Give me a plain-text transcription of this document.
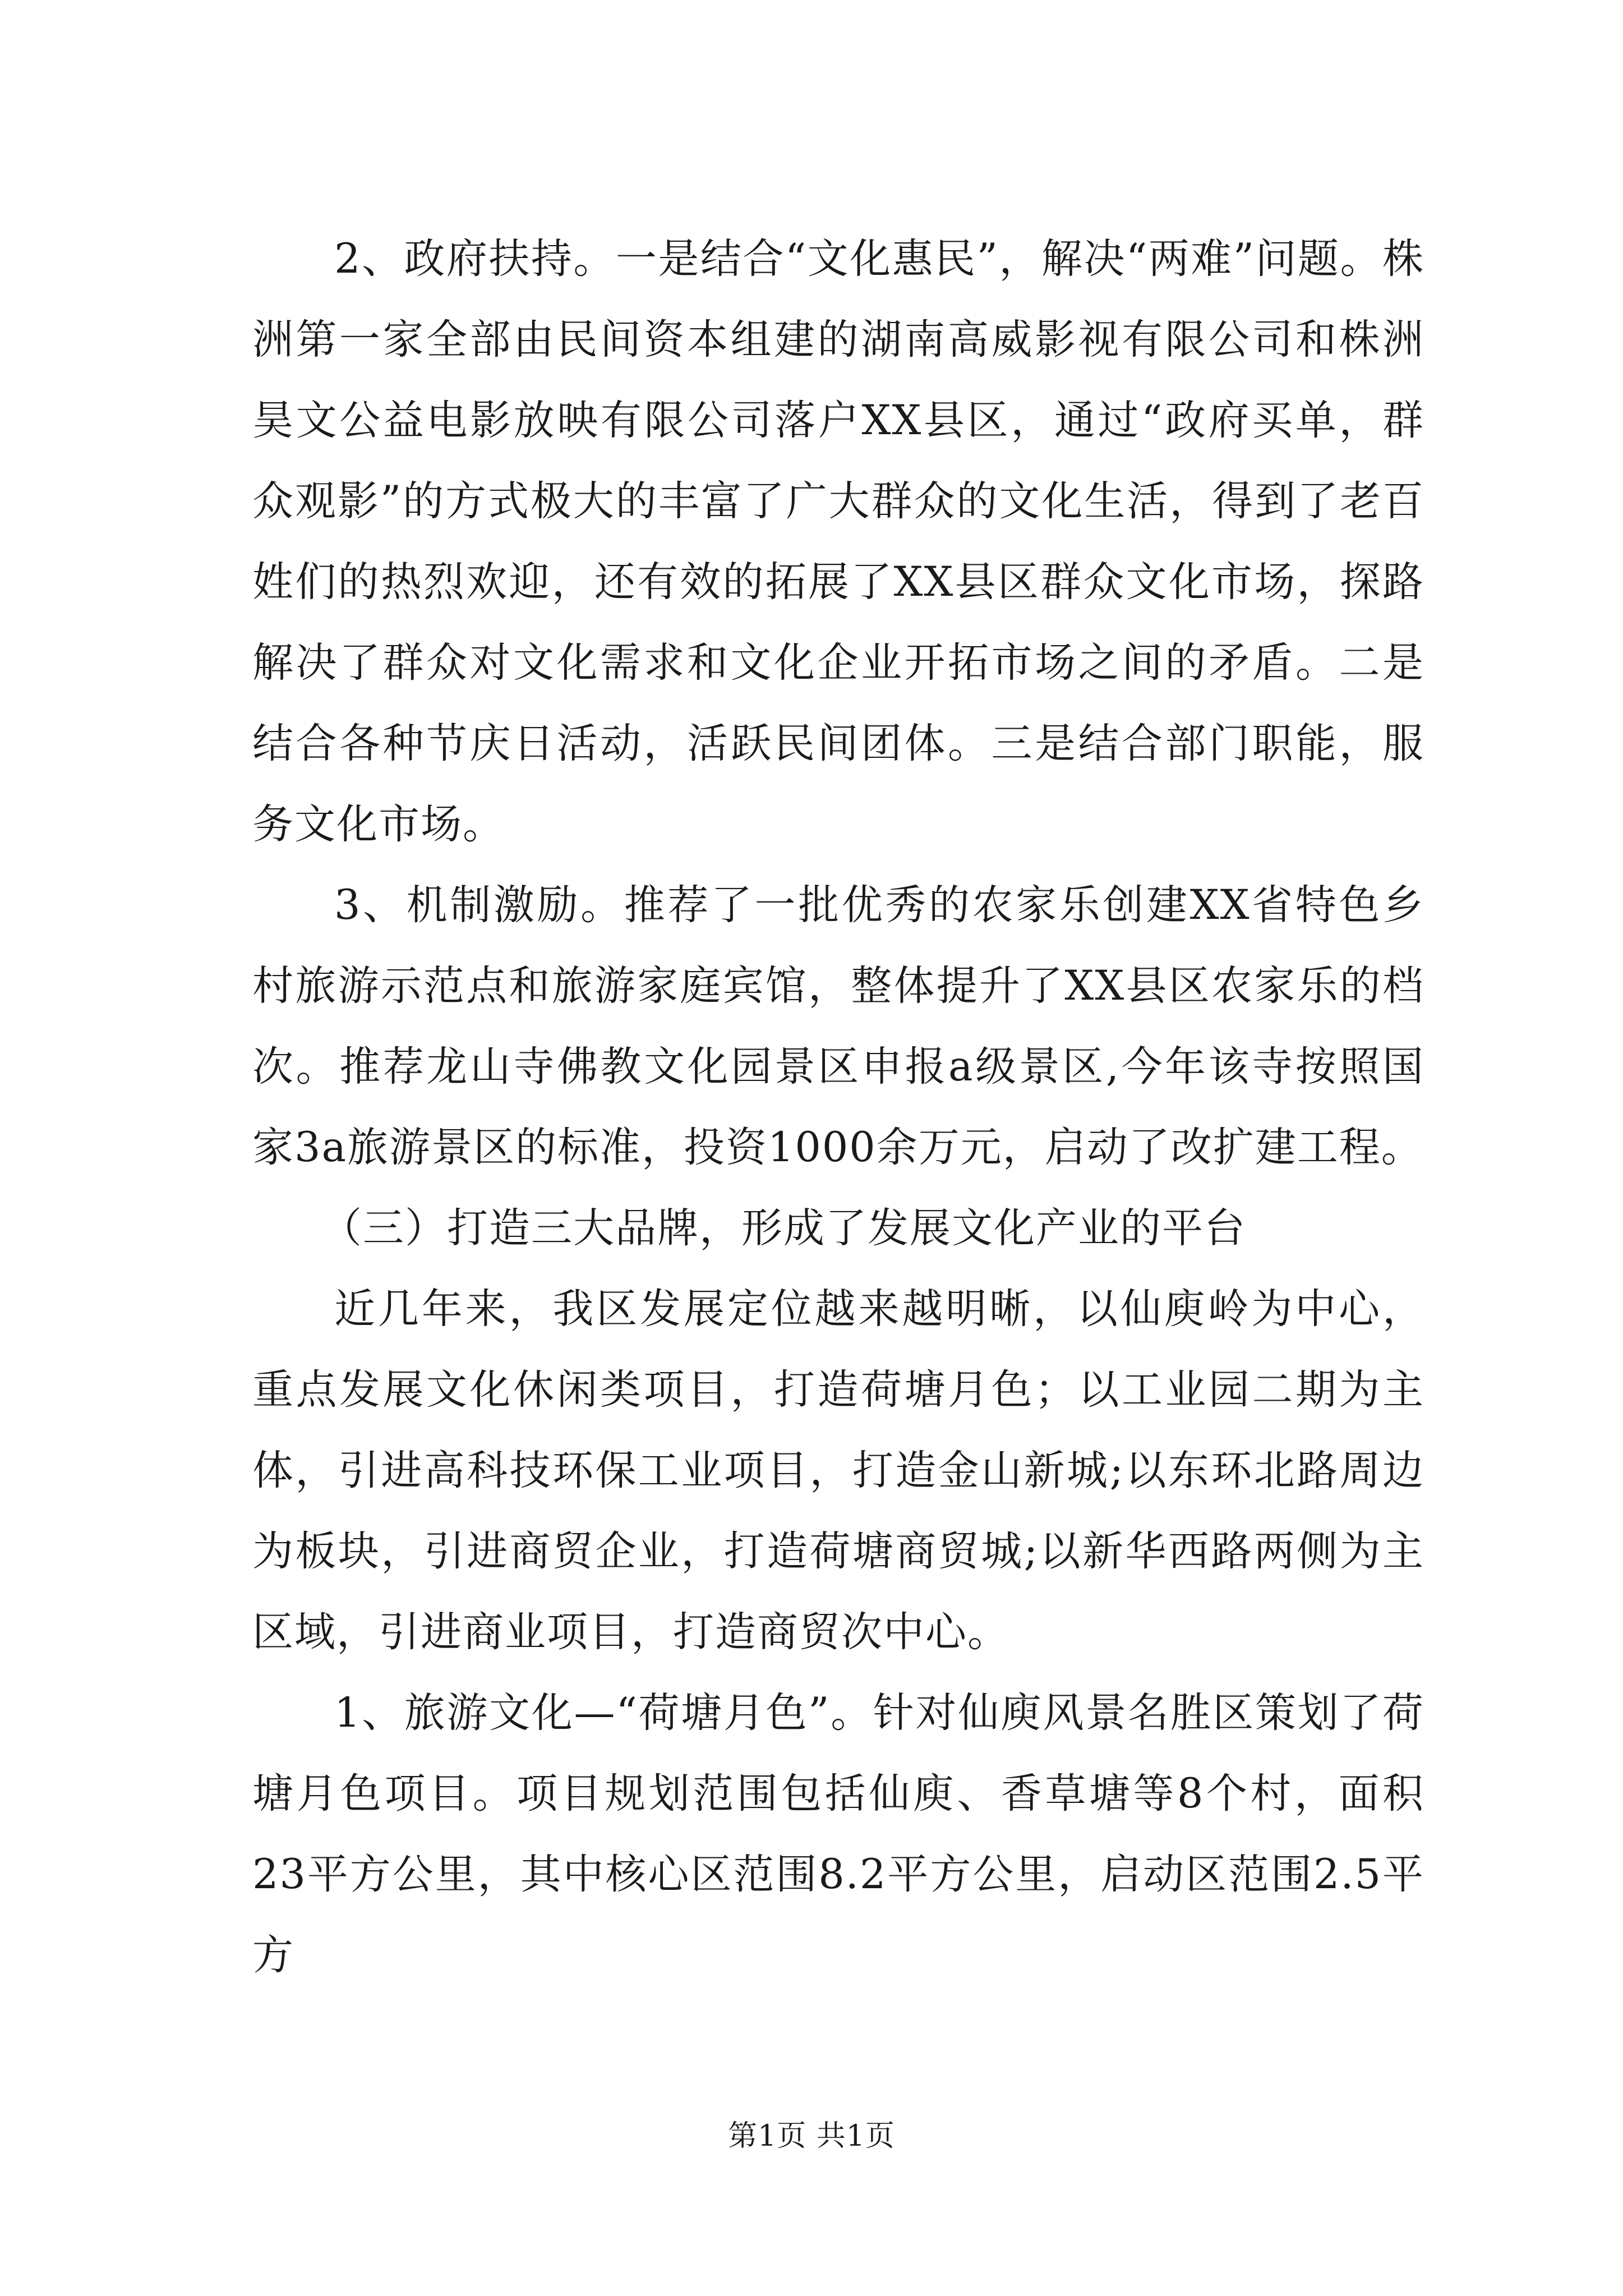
2、政府扶持。一是结合“文化惠民”，解决“两难”问题。株洲第一家全部由民间资本组建的湖南高威影视有限公司和株洲昊文公益电影放映有限公司落户XX县区，通过“政府买单，群众观影”的方式极大的丰富了广大群众的文化生活，得到了老百姓们的热烈欢迎，还有效的拓展了XX县区群众文化市场，探路解决了群众对文化需求和文化企业开拓市场之间的矛盾。二是结合各种节庆日活动，活跃民间团体。三是结合部门职能，服务文化市场。

3、机制激励。推荐了一批优秀的农家乐创建XX省特色乡村旅游示范点和旅游家庭宾馆，整体提升了XX县区农家乐的档次。推荐龙山寺佛教文化园景区申报a级景区,今年该寺按照国家3a旅游景区的标准，投资1000余万元，启动了改扩建工程。

（三）打造三大品牌，形成了发展文化产业的平台

近几年来，我区发展定位越来越明晰，以仙庾岭为中心，重点发展文化休闲类项目，打造荷塘月色；以工业园二期为主体，引进高科技环保工业项目，打造金山新城;以东环北路周边为板块，引进商贸企业，打造荷塘商贸城;以新华西路两侧为主区域，引进商业项目，打造商贸次中心。

1、旅游文化—“荷塘月色”。针对仙庾风景名胜区策划了荷塘月色项目。项目规划范围包括仙庾、香草塘等8个村，面积23平方公里，其中核心区范围8.2平方公里，启动区范围2.5平方

第1页 共1页
